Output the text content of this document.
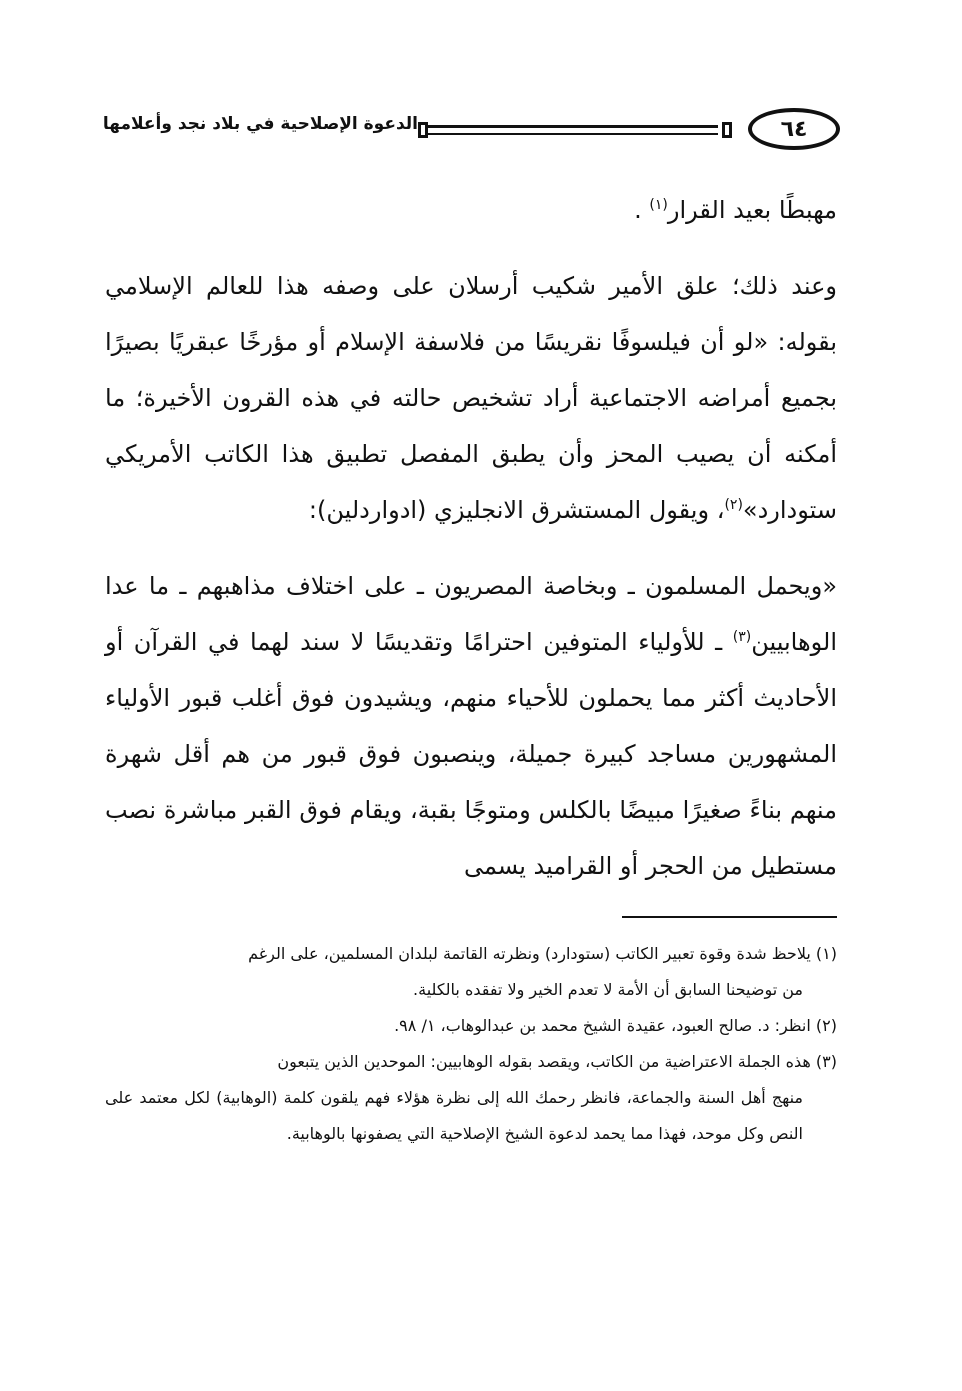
٦٤
الدعوة الإصلاحية في بلاد نجد وأعلامها

مهبطًا بعيد القرار$^{(١)}$ .

وعند ذلك؛ علق الأمير شكيب أرسلان على وصفه هذا للعالم الإسلامي بقوله: «لو أن فيلسوفًا نقريسًا من فلاسفة الإسلام أو مؤرخًا عبقريًا بصيرًا بجميع أمراضه الاجتماعية أراد تشخيص حالته في هذه القرون الأخيرة؛ ما أمكنه أن يصيب المحز وأن يطبق المفصل تطبيق هذا الكاتب الأمريكي ستودارد»$^{(٢)}$، ويقول المستشرق الانجليزي (ادواردلين):

«ويحمل المسلمون ـ وبخاصة المصريون ـ على اختلاف مذاهبهم ـ ما عدا الوهابيين$^{(٣)}$ ـ للأولياء المتوفين احترامًا وتقديسًا لا سند لهما في القرآن أو الأحاديث أكثر مما يحملون للأحياء منهم، ويشيدون فوق أغلب قبور الأولياء المشهورين مساجد كبيرة جميلة، وينصبون فوق قبور من هم أقل شهرة منهم بناءً صغيرًا مبيضًا بالكلس ومتوجًا بقبة، ويقام فوق القبر مباشرة نصب مستطيل من الحجر أو القراميد يسمى

(١) يلاحظ شدة وقوة تعبير الكاتب (ستودارد) ونظرته القاتمة لبلدان المسلمين، على الرغم

من توضيحنا السابق أن الأمة لا تعدم الخير ولا تفقده بالكلية.

(٢) انظر: د. صالح العبود، عقيدة الشيخ محمد بن عبدالوهاب، ١/ ٩٨.

(٣) هذه الجملة الاعتراضية من الكاتب، ويقصد بقوله الوهابيين: الموحدين الذين يتبعون

منهج أهل السنة والجماعة، فانظر رحمك الله إلى نظرة هؤلاء فهم يلقون كلمة (الوهابية) لكل معتمد على النص وكل موحد، فهذا مما يحمد لدعوة الشيخ الإصلاحية التي يصفونها بالوهابية.
